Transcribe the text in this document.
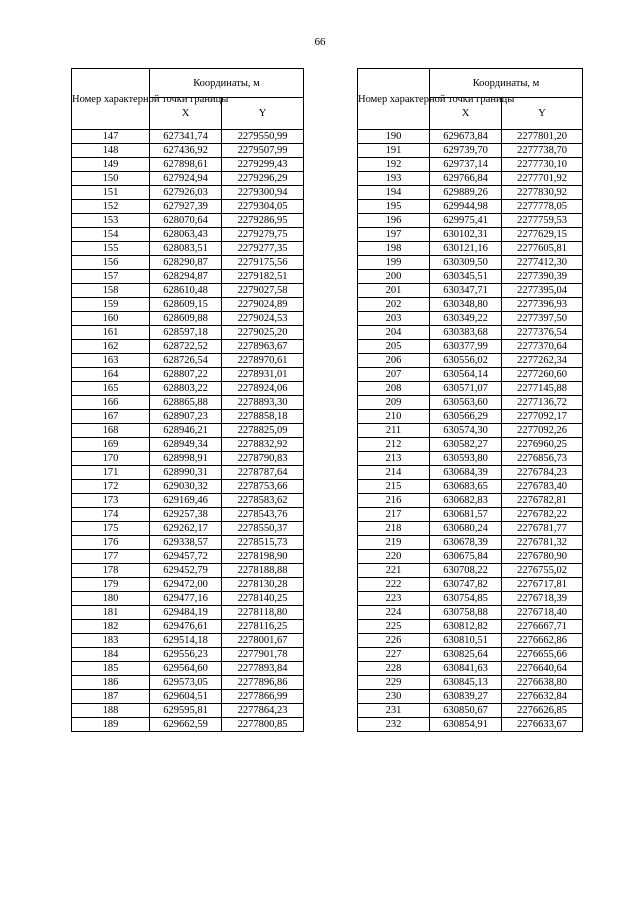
66
Номер характерной точки границы	Координаты, м	
	X	Y
147	627341,74	2279550,99
148	627436,92	2279507,99
149	627898,61	2279299,43
150	627924,94	2279296,29
151	627926,03	2279300,94
152	627927,39	2279304,05
153	628070,64	2279286,95
154	628063,43	2279279,75
155	628083,51	2279277,35
156	628290,87	2279175,56
157	628294,87	2279182,51
158	628610,48	2279027,58
159	628609,15	2279024,89
160	628609,88	2279024,53
161	628597,18	2279025,20
162	628722,52	2278963,67
163	628726,54	2278970,61
164	628807,22	2278931,01
165	628803,22	2278924,06
166	628865,88	2278893,30
167	628907,23	2278858,18
168	628946,21	2278825,09
169	628949,34	2278832,92
170	628998,91	2278790,83
171	628990,31	2278787,64
172	629030,32	2278753,66
173	629169,46	2278583,62
174	629257,38	2278543,76
175	629262,17	2278550,37
176	629338,57	2278515,73
177	629457,72	2278198,90
178	629452,79	2278188,88
179	629472,00	2278130,28
180	629477,16	2278140,25
181	629484,19	2278118,80
182	629476,61	2278116,25
183	629514,18	2278001,67
184	629556,23	2277901,78
185	629564,60	2277893,84
186	629573,05	2277896,86
187	629604,51	2277866,99
188	629595,81	2277864,23
189	629662,59	2277800,85
Номер характерной точки границы	Координаты, м	
	X	Y
190	629673,84	2277801,20
191	629739,70	2277738,70
192	629737,14	2277730,10
193	629766,84	2277701,92
194	629889,26	2277830,92
195	629944,98	2277778,05
196	629975,41	2277759,53
197	630102,31	2277629,15
198	630121,16	2277605,81
199	630309,50	2277412,30
200	630345,51	2277390,39
201	630347,71	2277395,04
202	630348,80	2277396,93
203	630349,22	2277397,50
204	630383,68	2277376,54
205	630377,99	2277370,64
206	630556,02	2277262,34
207	630564,14	2277260,60
208	630571,07	2277145,88
209	630563,60	2277136,72
210	630566,29	2277092,17
211	630574,30	2277092,26
212	630582,27	2276960,25
213	630593,80	2276856,73
214	630684,39	2276784,23
215	630683,65	2276783,40
216	630682,83	2276782,81
217	630681,57	2276782,22
218	630680,24	2276781,77
219	630678,39	2276781,32
220	630675,84	2276780,90
221	630708,22	2276755,02
222	630747,82	2276717,81
223	630754,85	2276718,39
224	630758,88	2276718,40
225	630812,82	2276667,71
226	630810,51	2276662,86
227	630825,64	2276655,66
228	630841,63	2276640,64
229	630845,13	2276638,80
230	630839,27	2276632,84
231	630850,67	2276626,85
232	630854,91	2276633,67
